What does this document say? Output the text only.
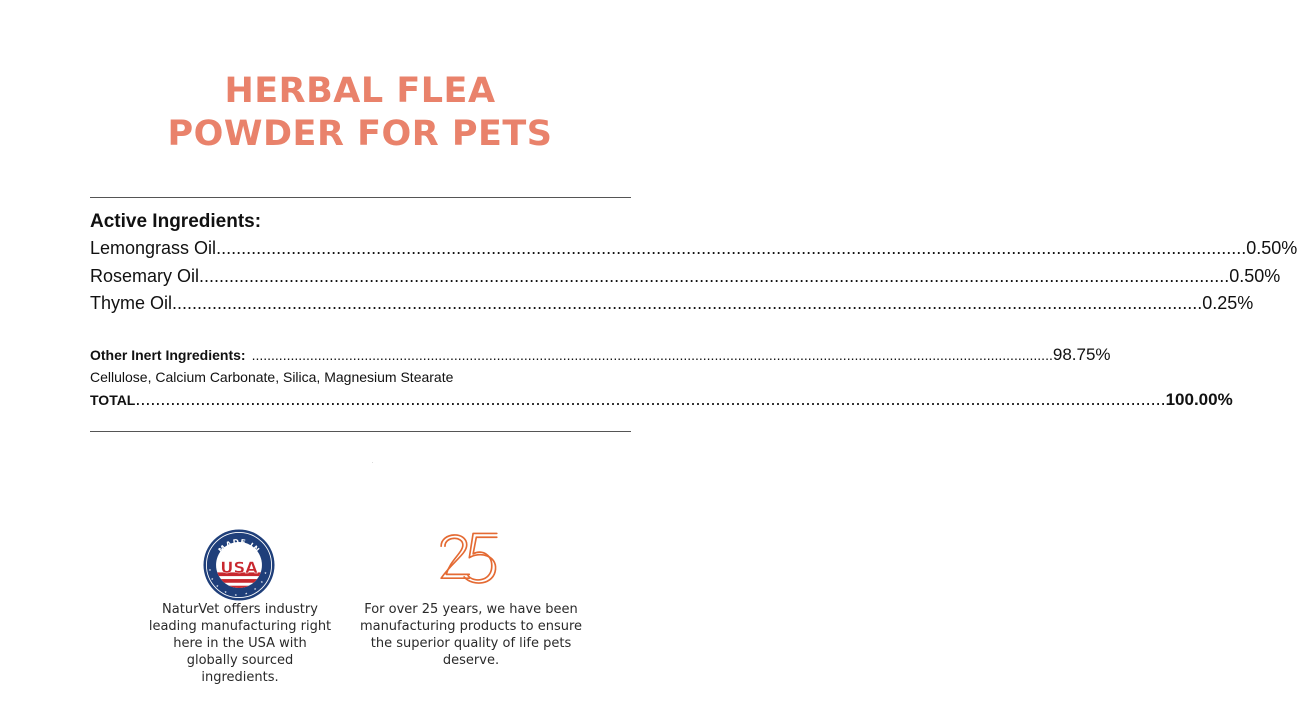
HERBAL FLEA
POWDER FOR PETS
Active Ingredients:
Lemongrass Oil .....	0.50%
Rosemary Oil .....	0.50%
Thyme Oil .....	0.25%
Other Inert Ingredients: .....	98.75%
Cellulose, Calcium Carbonate, Silica, Magnesium Stearate
TOTAL .....	100.00%
★
★
★
★
★ ★
★
★
★
MADE IN
USA
NaturVet offers industry leading manufacturing right here in the USA with globally sourced ingredients.
25
For over 25 years, we have been manufacturing products to ensure the superior quality of life pets deserve.
